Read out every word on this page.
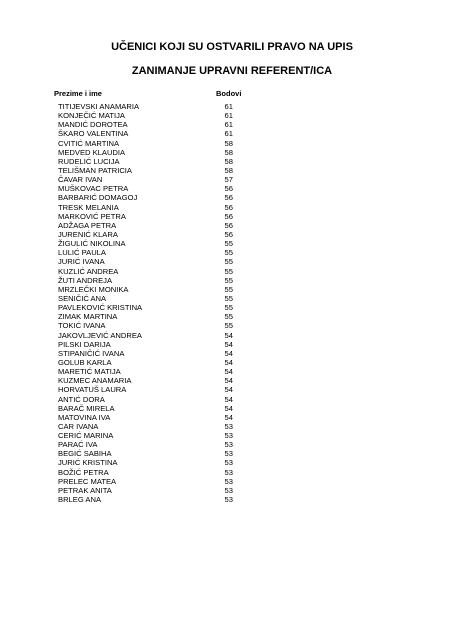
UČENICI KOJI SU OSTVARILI PRAVO NA UPIS
ZANIMANJE UPRAVNI REFERENT/ICA
Prezime i ime	Bodovi
TITIJEVSKI ANAMARIA	61
KONJEČIĆ MATIJA	61
MANDIĆ DOROTEA	61
ŠKARO VALENTINA	61
CVITIĆ MARTINA	58
MEDVED KLAUDIA	58
RUDELIĆ LUCIJA	58
TELIŠMAN PATRICIA	58
ČAVAR IVAN	57
MUŠKOVAC PETRA	56
BARBARIĆ DOMAGOJ	56
TRESK MELANIA	56
MARKOVIĆ PETRA	56
ADŽAGA PETRA	56
JURENIĆ KLARA	56
ŽIGULIĆ NIKOLINA	55
LULIĆ PAULA	55
JURIĆ IVANA	55
KUZLIĆ ANDREA	55
ŽUTI ANDREJA	55
MRZLEČKI MONIKA	55
SENIČIĆ ANA	55
PAVLEKOVIĆ KRISTINA	55
ZIMAK MARTINA	55
TOKIĆ IVANA	55
JAKOVLJEVIĆ ANDREA	54
PILSKI DARIJA	54
STIPANIČIĆ IVANA	54
GOLUB KARLA	54
MARETIĆ MATIJA	54
KUZMEC ANAMARIA	54
HORVATUŠ LAURA	54
ANTIĆ DORA	54
BARAČ MIRELA	54
MATOVINA IVA	54
CAR IVANA	53
CERIĆ MARINA	53
PARAĆ IVA	53
BEGIĆ SABIHA	53
JURIĆ KRISTINA	53
BOŽIĆ PETRA	53
PRELEC MATEA	53
PETRAK ANITA	53
BRLEG ANA	53
